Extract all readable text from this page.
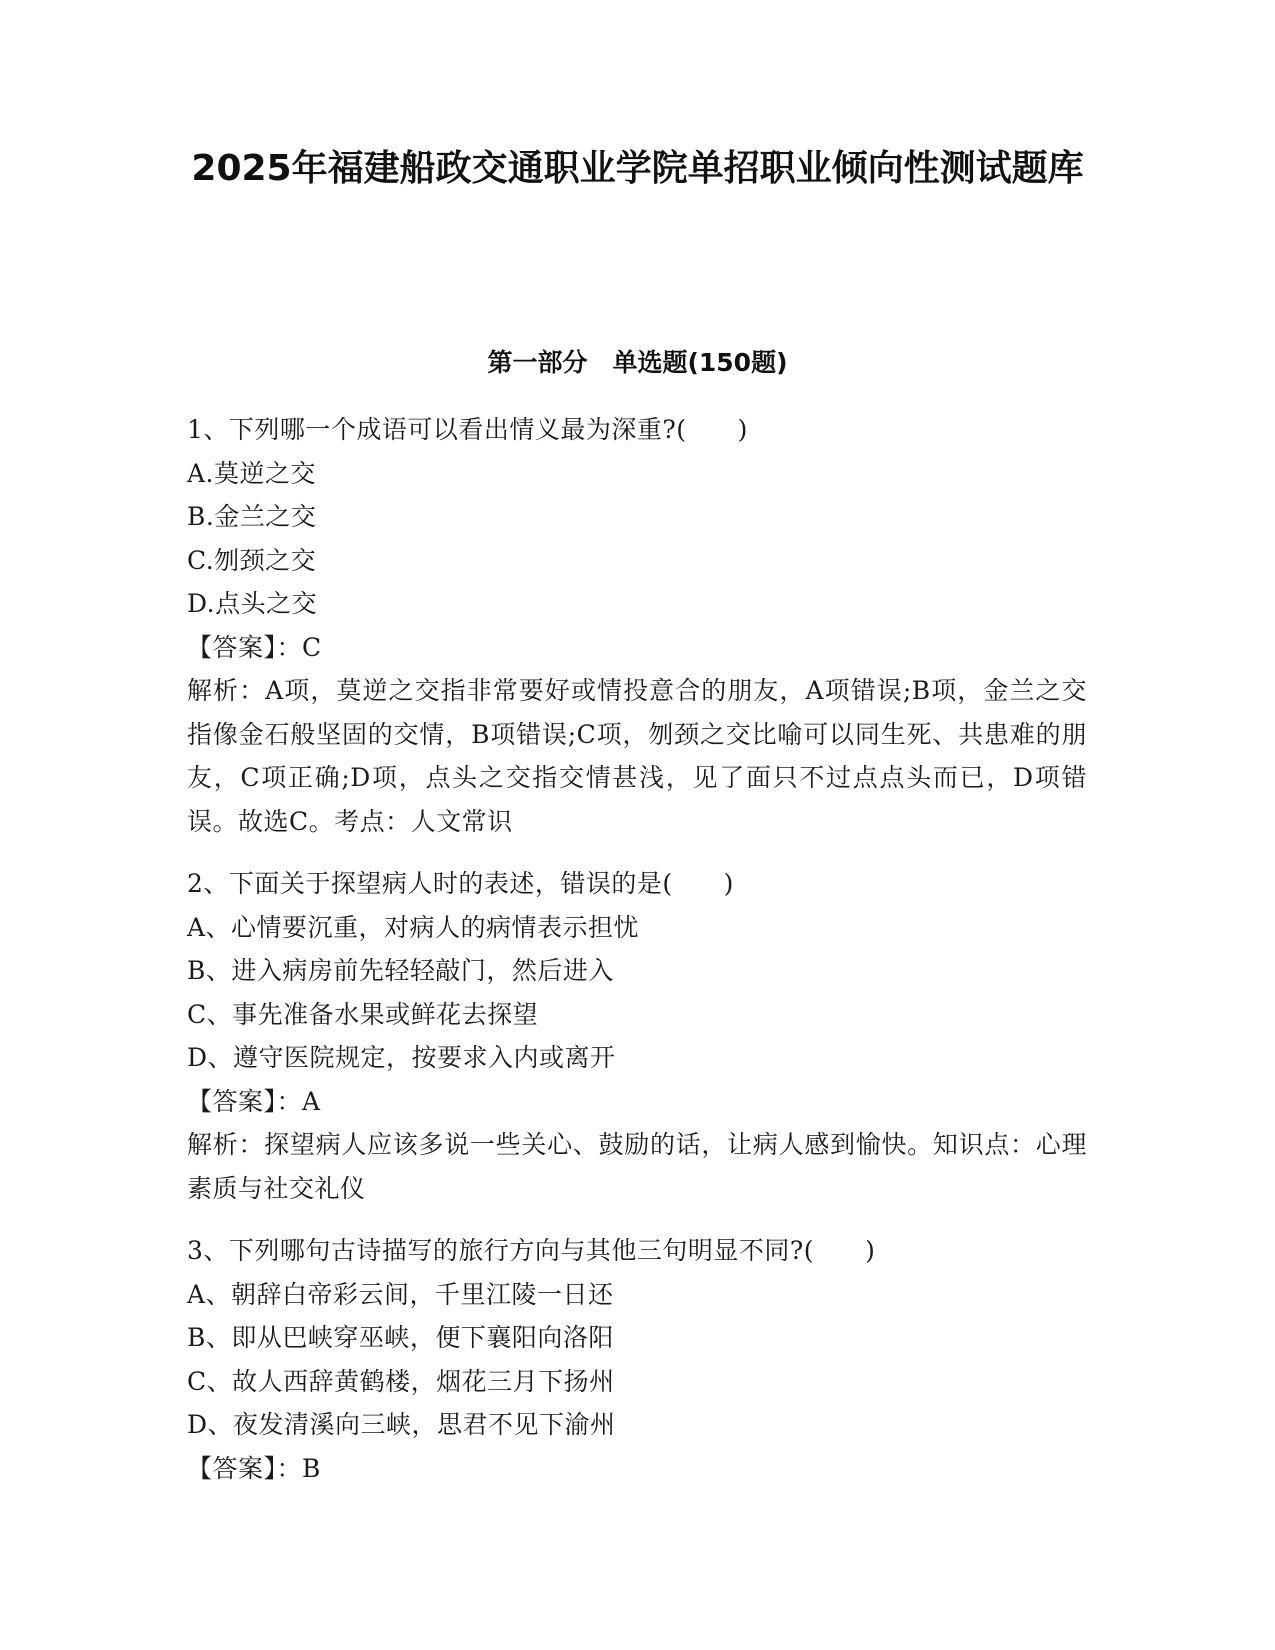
2025年福建船政交通职业学院单招职业倾向性测试题库
第一部分　单选题(150题)
1、下列哪一个成语可以看出情义最为深重?(　　)
A.莫逆之交
B.金兰之交
C.刎颈之交
D.点头之交
【答案】：C
解析：A项，莫逆之交指非常要好或情投意合的朋友，A项错误;B项，金兰之交指像金石般坚固的交情，B项错误;C项，刎颈之交比喻可以同生死、共患难的朋友，C项正确;D项，点头之交指交情甚浅，见了面只不过点点头而已，D项错误。故选C。考点：人文常识
2、下面关于探望病人时的表述，错误的是(　　)
A、心情要沉重，对病人的病情表示担忧
B、进入病房前先轻轻敲门，然后进入
C、事先准备水果或鲜花去探望
D、遵守医院规定，按要求入内或离开
【答案】：A
解析：探望病人应该多说一些关心、鼓励的话，让病人感到愉快。知识点：心理素质与社交礼仪
3、下列哪句古诗描写的旅行方向与其他三句明显不同?(　　)
A、朝辞白帝彩云间，千里江陵一日还
B、即从巴峡穿巫峡，便下襄阳向洛阳
C、故人西辞黄鹤楼，烟花三月下扬州
D、夜发清溪向三峡，思君不见下渝州
【答案】：B
